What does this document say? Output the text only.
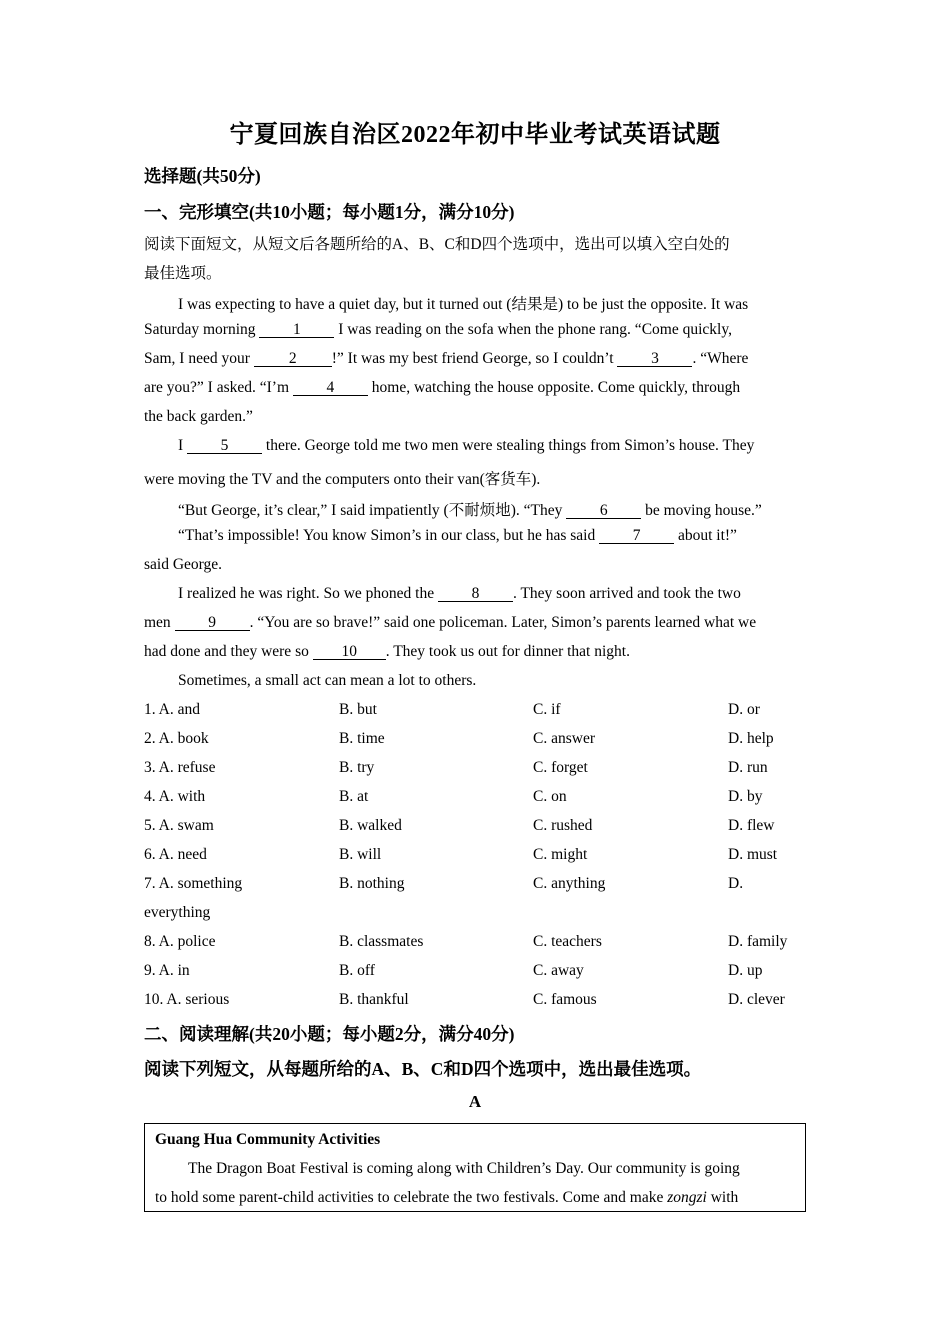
宁夏回族自治区2022年初中毕业考试英语试题
选择题(共50分)
一、完形填空(共10小题；每小题1分，满分10分)
阅读下面短文，从短文后各题所给的A、B、C和D四个选项中，选出可以填入空白处的
最佳选项。
I was expecting to have a quiet day, but it turned out (结果是) to be just the opposite. It was
Saturday morning 1 I was reading on the sofa when the phone rang. “Come quickly,
Sam, I need your 2 !” It was my best friend George, so I couldn’t 3 . “Where
are you?” I asked. “I’m 4 home, watching the house opposite. Come quickly, through
the back garden.”
I 5 there. George told me two men were stealing things from Simon’s house. They
were moving the TV and the computers onto their van(客货车).
“But George, it’s clear,” I said impatiently (不耐烦地). “They 6 be moving house.”
“That’s impossible! You know Simon’s in our class, but he has said 7 about it!”
said George.
I realized he was right. So we phoned the 8 . They soon arrived and took the two
men 9 . “You are so brave!” said one policeman. Later, Simon’s parents learned what we
had done and they were so 10 . They took us out for dinner that night.
Sometimes, a small act can mean a lot to others.
1. A. and	B. but	C. if	D. or
2. A. book	B. time	C. answer	D. help
3. A. refuse	B. try	C. forget	D. run
4. A. with	B. at	C. on	D. by
5. A. swam	B. walked	C. rushed	D. flew
6. A. need	B. will	C. might	D. must
7. A. something	B. nothing	C. anything	D.
everything
8. A. police	B. classmates	C. teachers	D. family
9. A. in	B. off	C. away	D. up
10. A. serious	B. thankful	C. famous	D. clever
二、阅读理解(共20小题；每小题2分，满分40分)
阅读下列短文，从每题所给的A、B、C和D四个选项中，选出最佳选项。
A
Guang Hua Community Activities
The Dragon Boat Festival is coming along with Children’s Day. Our community is going
to hold some parent-child activities to celebrate the two festivals. Come and make zongzi with
